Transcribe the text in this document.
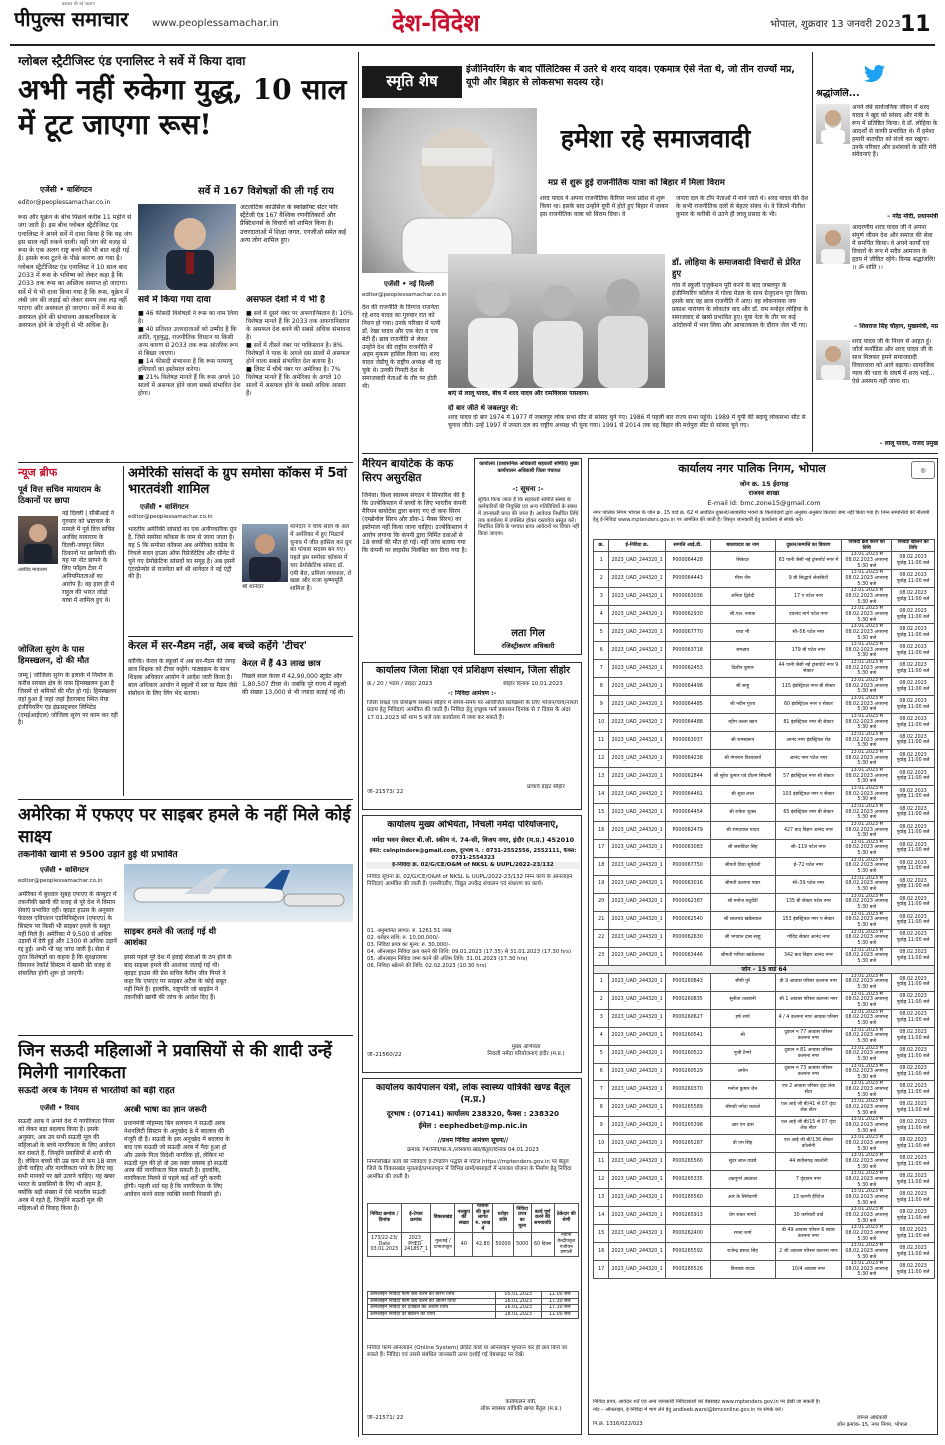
बदलाव की नई पहचान
पीपुल्स समाचार	www.peoplessamachar.in	देश-विदेश	भोपाल, शुक्रवार 13 जनवरी 2023 11
ग्लोबल स्ट्रैटीजिस्ट एंड एनालिस्ट ने सर्वे में किया दावा
अभी नहीं रुकेगा युद्ध, 10 साल में टूट जाएगा रूस!
एजेंसी • वाशिंगटन
editor@peoplessamachar.co.in
सर्वे में 167 विशेषज्ञों की ली गई राय
रूस और यूक्रेन के बीच पिछले करीब 11 महीने से जंग जारी है। इस बीच ग्लोबल स्ट्रैटीजिस्ट एंड एनालिस्ट ने अपने सर्वे में दावा किया है कि यह जंग इस साल नहीं रुकने वाली। वहीं जंग की वजह से रूस के एक अलग राष्ट्र बनने की भी बात कही गई है। इसके रूस टूटने के पीछे कारण आ गया है। ग्लोबल स्ट्रैटीजिस्ट एंड एनालिस्ट ने 10 साल बाद 2033 में रूस के भविष्य को लेकर कहा है कि 2033 तक रूस का अस्तित्व समाप्त हो जाएगा। सर्वे में ये भी दावा किया गया है कि रूस, यूक्रेन में लंबी जंग की लड़ाई को लेकर समय तक लड़ नहीं पाएगा और असफल हो जाएगा। सर्वे में रूस के असफल होने की संभावना आकलनिकाल के असफल होने के दोनूनी से भी अधिक है।
अटलांटिक काउंसिल के स्कोक्रॉफ्ट सेंटर फॉर स्ट्रैटेजी एंड 167 वैश्विक रणनीतिकारों और प्रैक्टिशनर्स के विचारों को शामिल किया है। उत्तरदाताओं में शिक्षा जगत, एनजीओ समेत कई अन्य लोग शामिल हुए।
सर्वे में किया गया दावा
■ 46 फीसदी विशेषज्ञों ने रूस का नाम लिया है।
■ 40 प्रतिशत उत्तरदाताओं को उम्मीद है कि क्रांति, गृहयुद्ध, राजनीतिक विघटन या किसी अन्य कारण से 2033 तक रूस आंतरिक रूप से बिखर जाएगा।
■ 14 फीसदी संभावना है कि रूस परमाणु हथियारों का इस्तेमाल करेगा।
■ 21% विशेषज्ञ मानते हैं कि रूस अगले 10 सालों में असफल होने वाला सबसे संभावित देश होगा।
असफल देशों में ये भी हैं
■ सर्वे में दूसरे नंबर पर अफगानिस्तान है। 10% विशेषज्ञ मानते हैं कि 2033 तक अफगानिस्तान के असफल देश बनने की सबसे अधिक संभावना है।
■ सर्वे में तीसरे नंबर पर पाकिस्तान है। 8% विशेषज्ञों ने पाक के अगले दस सालों में असफल होने वाला सबसे संभावित देश बताया है।
■ लिस्ट में चौथे नंबर पर अमेरिका है। 7% विशेषज्ञ मानते हैं कि अमेरिका के अगले 10 सालों में असफल होने के सबसे अधिक आसार हैं।
न्यूज ब्रीफ
पूर्व वित्त सचिव मायाराम के ठिकानों पर छापा
नई दिल्ली | सीबीआई ने गुरुवार को भ्रष्टाचार के मामले में पूर्व वित्त सचिव अरविंद मायाराम के दिल्ली-जयपुर स्थित ठिकानों पर छापेमारी की। यह पर नोट छापने के लिए फॉइल टेंडर में अनियमितताओं का आरोप है। वह हाल ही में राहुल की भारत जोड़ो यात्रा में शामिल हुए थे।
अरविंद मायाराम
जोजिला सुरंग के पास हिमस्खलन, दो की मौत
जम्मू | जोजिला सुरंग के इलाके में निर्माण के करीब सरबल क्षेत्र के पास हिमस्खलन हुआ है जिसमें दो श्रमिकों की मौत हो गई। हिमस्खलन वहां हुआ है जहां जहां हैदराबाद स्थित मेघा इंजीनियरिंग एंड इंफ्रास्ट्रक्चर लिमिटेड (एमईआईएल) जोजिला सुरंग पर काम कर रही है।
अमेरिकी सांसदों के ग्रुप समोसा कॉकस में 5वां भारतवंशी शामिल
एजेंसी • वाशिंगटन
editor@peoplessamachar.co.in
भारतीय अमेरिकी सांसदों का एक अनौपचारिक ग्रुप है, जिसे समोसा कॉकस के नाम से जाना जाता है। यह 5 कि समोसा कॉकस अब अमेरिका कांग्रेस के निचले सदन हाउस ऑफ रिप्रेजेंटेटिव और सीनेट में चुने गए डेमोक्रेटिक सांसदों का समूह है। अब इसमें एंटरप्रेन्योर से राजनेता बने श्री थानेदार ने नई एंट्री की है।
श्री थानेदार
थानेदार ने चौथे साल के अंत में अमेरिका में हुए मिडटर्म चुनाव में जीत हासिल कर ग्रुप का पांचवां सदस्य बन गए। पहले इस समोसा कॉकस में चार डेमोक्रेटिक सांसद डॉ. एमी बेरा, प्रमिला जयपाल, रो खन्ना और राजा कृष्णमूर्ति शामिल हैं।
केरल में सर-मैडम नहीं, अब बच्चे कहेंगे 'टीचर'
कोच्चि। केरल के स्कूलों में अब सर-मैडम की जगह छात्र शिक्षक को टीचर कहेंगे। पाठ्यक्रम के साथ शिक्षक अधिकार आयोग ने आदेश जारी किया है। बाल अधिकार आयोग ने स्कूलों में सर या मैडम जैसे संबोधन के लिए लिंग भेद बताया।
केरल में हैं 43 लाख छात्र
पिछले साल केरल में 42,90,000 स्टूडेंट और 1,80,507 टीचर थे। जबकि पूरे राज्य में स्कूलों की संख्या 13,000 से भी ज्यादा बताई गई थी।
अमेरिका में एफएए पर साइबर हमले के नहीं मिले कोई साक्ष्य
तकनीकी खामी से 9500 उड़ानें हुई थीं प्रभावित
एजेंसी • वाशिंगटन
editor@peoplessamachar.co.in
अमेरिका में बुधवार सुबह एफएए के कंप्यूटर में तकनीकी खामी की वजह से पूरे देश में विमान सेवाएं प्रभावित रहीं। व्हाइट हाउस के अनुसार फेडरल एविएशन एडमिनिस्ट्रेशन (एफएए) के सिस्टम पर किसी भी साइबर हमले के सबूत नहीं मिले हैं। अमेरिका में 9,500 से अधिक उड़ानों में देरी हुई और 1300 से अधिक उड़ानें रद्द हुईं। अभी भी यह जांच जारी है। सेवा में तुरंत विशेषज्ञों का कहना है कि सुरक्षात्मक विमानन रेकॉर्ड सिस्टम में खामी की वजह से संचालित होगी शुरू हो जाएगी।
साइबर हमले की जताई गई थी आशंका
इससे पहले पूरे देश में हवाई सेवाओं के ठप होने के बाद साइबर हमले की आशंका जताई गई थी। व्हाइट हाउस की प्रेस सचिव कैरीन जीन पियरे ने कहा कि एफएए पर साइबर अटैक के कोई सबूत नहीं मिले हैं। हालांकि, राष्ट्रपति जो बाइडेन ने तकनीकी खामी की जांच के आदेश दिए हैं।
जिन सऊदी महिलाओं ने प्रवासियों से की शादी उन्हें मिलेगी नागरिकता
सऊदी अरब के नियम से भारतीयों को बड़ी राहत
एजेंसी • रियाद
सऊदी अरब ने अपने देश में नागरिकता नियम को लेकर बड़ा बदलाव किया है। इसके अनुसार, अब उन सभी सऊदी मूल की महिलाओं के बच्चे नागरिकता के लिए आवेदन कर सकते हैं, जिन्होंने प्रवासियों से शादी की है। लेकिन बच्चों की उम्र कम से कम 18 साल होनी चाहिए और नागरिकता पाने के लिए वह सभी मानकों पर खरे उतरने चाहिए। यह खबर भारत के प्रवासियों के लिए भी अहम है, क्योंकि बड़ी संख्या में ऐसे भारतीय सऊदी अरब में रहते हैं, जिन्होंने सऊदी मूल की महिलाओं से विवाह किया है।
अरबी भाषा का ज्ञान जरूरी
प्रधानमंत्री मोहम्मद बिन सलमान ने सऊदी अरब नेशनलिटी सिस्टम के अनुच्छेद 8 में बदलाव की मंजूरी दी है। सऊदी के इस अनुच्छेद में बदलाव के बाद एक सऊदी जो सऊदी अरब में पैदा हुआ हो और उसके पिता विदेशी नागरिक हों, लेकिन मां सऊदी मूल की हो वो उस वक्त वयस्क हो सऊदी अरब की नागरिकता मिल सकती है। हालांकि, नागरिकता मिलने से पहले कई शर्तें पूरी करनी होंगी। पहली शर्त यह है कि नागरिकता के लिए आवेदन करने वाला व्यक्ति स्थायी निवासी हो।
स्मृति शेष
इंजीनियरिंग के बाद पॉलिटिक्स में उतरे थे शरद यादव। एकमात्र ऐसे नेता थे, जो तीन राज्यों मप्र, यूपी और बिहार से लोकसभा सदस्य रहे।
हमेशा रहे समाजवादी
मप्र से शुरू हुई राजनीतिक यात्रा को बिहार में मिला विराम
शरद यादव ने अपना राजनीतिक कैरियर मध्य प्रदेश से शुरू किया था। इसके बाद उन्होंने यूपी में होते हुए बिहार में जाकर इस राजनीतिक यात्रा को विराम दिया। वे
जनता दल के टॉप नेताओं में माने जाते थे। शरद यादव की देश के सभी राजनीतिक दलों से बेहतर संबंध थे। वे जितने नीतीश कुमार के करीबी थे उतने ही लालू प्रसाद के भी।
एजेंसी • नई दिल्ली
editor@peoplessamachar.co.in
देश की राजनीति के दिग्गज राजनेता रहे शरद यादव का गुरुवार रात को निधन हो गया। उनके परिवार में पत्नी डॉ. रेखा यादव और एक बेटा व एक बेटी हैं। छात्र राजनीति से लेकर उन्होंने देश की राष्ट्रीय राजनीति में अहम मुकाम हासिल किया था। शरद यादव जेडीयू के राष्ट्रीय अध्यक्ष भी रह चुके थे। उनकी गिनती देश के समाजवादी नेताओं के तौर पर होती थी।
बाएं से लालू यादव, बीच में शरद यादव और रामविलास पासवान।
डॉ. लोहिया के समाजवादी विचारों से प्रेरित हुए
गांव में स्कूली एजुकेशन पूरी करने के बाद जबलपुर के इंजीनियरिंग कॉलेज में गोल्ड मेडल के साथ ग्रेजुएशन पूरा किया। इसके बाद वह छात्र राजनीति में आए। वह लोकनायक जय प्रकाश नारायण के लोकतंत्र वाद और डॉ. राम मनोहर लोहिया के समाजवाद से खासे प्रभावित हुए। युवा नेता के तौर पर कई आंदोलनों में भाग लिया और आपातकाल के दौरान जेल भी गए।
दो बार जीते थे जबलपुर से:
शरद यादव दो बार 1974 में 1977 में जबलपुर लोक सभा सीट से सांसद चुने गए। 1986 में पहली बार राज्य सभा पहुंचे। 1989 में यूपी की बदायूं लोकसभा सीट से चुनाव जीते। उन्हें 1997 में जनता दल का राष्ट्रीय अध्यक्ष भी चुना गया। 1991 से 2014 तक वह बिहार की मधेपुरा सीट से सांसद चुने गए।
श्रद्धांजलि...
अपने लंबे सार्वजनिक जीवन में शरद यादव ने खुद को सांसद और मंत्री के रूप में प्रतिष्ठित किया। वे डॉ. लोहिया के आदर्शों से काफी प्रभावित थे। मैं हमेशा हमारी बातचीत को संजो कर रखूंगा। उनके परिवार और प्रशंसकों के प्रति मेरी संवेदनाएं हैं।
– नरेंद्र मोदी, प्रधानमंत्री
आदरणीय शरद यादव जी ने अपना संपूर्ण जीवन देश और समाज की सेवा में समर्पित किया। वे अपने कार्यों एवं विचारों के रूप में सदैव आमजन के हृदय में जीवित रहेंगे। विनम्र श्रद्धांजलि! ।। ॐ शांति ।।
– शिवराज सिंह चौहान, मुख्यमंत्री, मप्र
शरद यादव जी के निधन से आहत हूं। जॉर्ज फर्नांडिस और शरद यादव जी के साथ मिलकर हमने समाजवादी विचारधारा को आगे बढ़ाया। सामाजिक न्याय की धारा के संघर्ष में शरद भाई... ऐसे असमय नहीं जाना था।
– लालू यादव, राजद प्रमुख
मैरियन बायोटेक के कफ सिरप असुरक्षित
जिनेवा। विश्व स्वास्थ्य संगठन ने सिफारिश की है कि उज्बेकिस्तान में बच्चों के लिए भारतीय कंपनी मैरियन बायोटेक द्वारा बनाए गए दो कफ सिरप (एम्ब्रोनोल सिरप और डॉक-1 मैक्स सिरप) का इस्तेमाल नहीं किया जाना चाहिए। उज्बेकिस्तान ने आरोप लगाया कि कंपनी द्वारा निर्मित दवाओं से 18 बच्चों की मौत हो गई। नहीं जांच बताया गया कि कंपनी पर लाइसेंस निलंबित कर दिया गया है।
कार्यालय (प्रशासनिक अधिकारी सहकारी समिति) मुख्य कार्यपालन अधिकारी जिला पंचायत
-: सूचना :-
सूचित किया जाता है कि सहकारी समिति संस्था के कर्मचारियों की नियुक्ति एवं अन्य गतिविधियों के संबंध में जानकारी प्राप्त की जाना है। आवेदक निर्धारित तिथि तक कार्यालय में उपस्थित होकर दस्तावेज प्रस्तुत करें। निर्धारित तिथि के पश्चात प्राप्त आवेदनों पर विचार नहीं किया जाएगा।
लता गिल
रजिस्ट्रीकरण अधिकारी
कार्यालय जिला शिक्षा एवं प्रशिक्षण संस्थान, जिला सीहोर
क्र./ 20 / भंडार / डाइट/ 2023	सीहोर दिनांक 10.01.2023
-: निविदा आमंत्रण :-
जिला शिक्षा एवं प्रशिक्षण संस्थान सीहोर में समय-समय पर आयोजित कार्यक्रमों के लिए भोजन/चाय/नाश्ता प्रदाय हेतु निविदाएं आमंत्रित की जाती हैं। निविदा हेतु इच्छुक फर्म प्रकाशन दिनांक से 7 दिवस के अंदर 17.01.2023 को शाम 5 बजे तक कार्यालय में जमा कर सकते हैं।
जी–21573/ 22
प्राचार्य डाइट सीहोर
कार्यालय मुख्य अभियंता, निचली नर्मदा परियोजनाएं,
नर्मदा भवन सेक्टर बी.जी. स्कीम नं. 74-सी, विजय नगर, इंदौर (म.प्र.) 452010
ईमेल: celnpindore@gmail.com, दूरभाष नं. : 0731-2552556, 2552111, फैक्स: 0731-2554323
ई-निविदा क्र. 02/G/CE/O&M of NKSL & UUPL/2022-23/132
निविदा सूचना क्र. 02/G/CE/O&M of NKSL & UUPL/2022-23/132 निम्न कार्य के ऑनलाइन निविदाएं आमंत्रित की जाती हैं। एससीएडीए, विद्युत उपकेंद्र संचालन एवं संधारण का कार्य।
01. अनुमानित लागत: रु. 1261.51 लाख
02. धरोहर राशि: रु. 10,00,000/-
03. निविदा प्रपत्र का मूल्य: रु. 30,000/-
04. ऑनलाइन निविदा क्रय करने की तिथि: 09.01.2023 (17.35) से 31.01.2023 (17.30 hrs)
05. ऑनलाइन निविदा जमा करने की अंतिम तिथि: 31.01.2023 (17.30 hrs)
06. निविदा खोलने की तिथि: 02.02.2023 (10.30 hrs)
जी–21560/22
मुख्य अभियंता
निचली नर्मदा परियोजनाएं इंदौर (म.प्र.)
कार्यालय कार्यपालन यंत्री, लोक स्वास्थ्य यांत्रिकी खण्ड बैतूल (म.प्र.)
दूरभाष : (07141) कार्यालय 238320, फैक्स : 238320
ईमेल : eephedbet@mp.nic.in
//प्रथम निविदा आमंत्रण सूचना//
क्रमांक 74/निवि/का.यं./लोस्वायां.खंड/बैतूल/दिनांक 04.01.2023
निम्नलिखित कार्य की निविदाएं ई-टेण्डरिंग पद्धति से पोर्टल https://mptenders.gov.in पर बैतूल जिले के विकासखंड मुलताई/प्रभातपट्टन में विभिन्न ग्रामों/बसाहटों में नलजल योजना के निर्माण हेतु निविदा आमंत्रित की जाती है।
निविदा क्रमांक /दिनांक	ई-टेण्डर क्रमांक	विकासखंड	नलकूप की संख्या	योजना की कुल लागत रु. लाख में	धरोहर राशि	निविदा प्रपत्र का मूल्य	कार्य पूर्ण करने की समयावधि	ठेकेदार की श्रेणी
173/22-23/ Date 03.01.2023	2023_ PHED_ 241857_1	मुलताई / प्रभातपट्टन	40	42.80	50000	5000	60 दिवस	नवीनी केन्द्रीयकृत पंजीयन प्रणाली
ऑनलाइन निविदा फार्म क्रय करने की प्रारंभ तिथि	05.01.2023	11.00 बजे
ऑनलाइन निविदा फार्म क्रय करने की अंतिम तिथि	16.01.2023	17.30 बजे
ऑनलाइन निविदा दर दाखिले की अंतिम तिथि	16.01.2023	17.30 बजे
ऑनलाइन निविदा दर खोलने की तिथि	18.01.2023	11.00 बजे
निविदा फार्म ऑनलाइन (Online System) क्रेडिट कार्ड या ऑनलाइन भुगतान कर ही क्रय किये जा सकते हैं। निविदा एवं उससे संबंधित जानकारी ऊपर दर्शाई गई वेबसाइट पर देखें।
जी–21571/ 22
कार्यपालन यंत्री,
लोक स्वास्थ्य यांत्रिकी खण्ड बैतूल (म.प्र.)
कार्यालय नगर पालिक निगम, भोपाल	◎
जोन क्र. 15 ईदगाह
राजस्व शाखा
E-mail Id: bmc.zone15@gmail.com
नगर पालिक निगम भोपाल के जोन क्र. 15 वार्ड क्र. 62 में आवंटित दुकानों/आवासीय भवनों के किरायेदारों द्वारा अनुबंध अनुसार किराया जमा नहीं किया गया है। निम्न सम्पत्तियों की नीलामी हेतु ई-निविदा www.mptenders.gov.in पर आमंत्रित की जाती है। विस्तृत जानकारी हेतु कार्यालय से संपर्क करें।
क्र.	ई-निविदा क्र.	सम्पत्ति आई.डी.	बकायादार का नाम	दुकान/सम्पत्ति का विवरण	निविदा क्रय करने की तिथि	निविदा खोलने की तिथि
1	2023_UAD_244320_1	P000064428	सिकंदर	63 पानी जैसी नई ट्रांसपोर्ट नगर में	13.01.2023 से 08.02.2023 अपरान्ह 5:30 बजे	08.02.2023 पूर्वाह्न 11:00 बजे
2	2023_UAD_244320_1	P000064443	मीना जैन	9 बी सिद्धार्थ लेकसिटी	13.01.2023 से 08.02.2023 अपरान्ह 5:30 बजे	08.02.2023 पूर्वाह्न 11:00 बजे
3	2023_UAD_244320_1	P000063036	अनिता द्विवेदी	17 ए पटेल नगर	13.01.2023 से 08.02.2023 अपरान्ह 5:30 बजे	08.02.2023 पूर्वाह्न 11:00 बजे
4	2023_UAD_244320_1	P000062930	सी.एल. नायक	दयानंद मार्ग पटेल नगर	13.01.2023 से 08.02.2023 अपरान्ह 5:30 बजे	08.02.2023 पूर्वाह्न 11:00 बजे
5	2023_UAD_244320_1	P000067770	राधा भी	सी–56 पटेल नगर	13.01.2023 से 08.02.2023 अपरान्ह 5:30 बजे	08.02.2023 पूर्वाह्न 11:00 बजे
6	2023_UAD_244320_1	P000063718	जगन्नाथ	179 बी पटेल नगर	13.01.2023 से 08.02.2023 अपरान्ह 5:30 बजे	08.02.2023 पूर्वाह्न 11:00 बजे
7	2023_UAD_244320_1	P000062453	दिलीप कुमार	44 पानी जैसी नई ट्रांसपोर्ट नगर 9 सेक्टर	13.01.2023 से 08.02.2023 अपरान्ह 5:30 बजे	08.02.2023 पूर्वाह्न 11:00 बजे
8	2023_UAD_244320_1	P000064498	श्री साहू	115 इंडस्ट्रियल नगर बी सेक्टर	13.01.2023 से 08.02.2023 अपरान्ह 5:30 बजे	08.02.2023 पूर्वाह्न 11:00 बजे
9	2023_UAD_244320_1	P000064485	श्री नवीन गुप्ता	60 इंडस्ट्रियल नगर ए सेक्टर	13.01.2023 से 08.02.2023 अपरान्ह 5:30 बजे	08.02.2023 पूर्वाह्न 11:00 बजे
10	2023_UAD_244320_1	P000064488	रहीम उल्ला खान	81 इंडस्ट्रियल नगर बी सेक्टर	13.01.2023 से 08.02.2023 अपरान्ह 5:30 बजे	08.02.2023 पूर्वाह्न 11:00 बजे
11	2023_UAD_244320_1	P000063037	श्री रामस्वरूप	आनंद नगर इंडस्ट्रियल रोड	13.01.2023 से 08.02.2023 अपरान्ह 5:30 बजे	08.02.2023 पूर्वाह्न 11:00 बजे
12	2023_UAD_244320_1	P000064238	श्री गंगाराम विश्वकर्मा	आनंद नगर पटेल नगर	13.01.2023 से 08.02.2023 अपरान्ह 5:30 बजे	08.02.2023 पूर्वाह्न 11:00 बजे
13	2023_UAD_244320_1	P000062844	श्री सुरेश कुमार एवं प्रीतम सिंघानी	57 इंडस्ट्रियल नगर सी सेक्टर	13.01.2023 से 08.02.2023 अपरान्ह 5:30 बजे	08.02.2023 पूर्वाह्न 11:00 बजे
14	2023_UAD_244320_1	P000064461	श्री सुधा लाल	103 इंडस्ट्रियल नगर ए सेक्टर	13.01.2023 से 08.02.2023 अपरान्ह 5:30 बजे	08.02.2023 पूर्वाह्न 11:00 बजे
15	2023_UAD_244320_1	P000064454	श्री राकेश शुक्ल	65 इंडस्ट्रियल नगर बी सेक्टर	13.01.2023 से 08.02.2023 अपरान्ह 5:30 बजे	08.02.2023 पूर्वाह्न 11:00 बजे
16	2023_UAD_244320_1	P000062479	श्री रामदयाल यादव	427 बाद बिहार आनंद नगर	13.01.2023 से 08.02.2023 अपरान्ह 5:30 बजे	08.02.2023 पूर्वाह्न 11:00 बजे
17	2023_UAD_244320_1	P000063083	श्री जसविंदर सिंह	सी–119 पटेल नगर	13.01.2023 से 08.02.2023 अपरान्ह 5:30 बजे	08.02.2023 पूर्वाह्न 11:00 बजे
18	2023_UAD_244320_1	P000067750	श्रीमती प्रिया सूर्यवंशी	ई–72 पटेल नगर	13.01.2023 से 08.02.2023 अपरान्ह 5:30 बजे	08.02.2023 पूर्वाह्न 11:00 बजे
19	2023_UAD_244320_1	P000063016	श्रीमती कल्पना पवार	सी–39 पटेल नगर	13.01.2023 से 08.02.2023 अपरान्ह 5:30 बजे	08.02.2023 पूर्वाह्न 11:00 बजे
20	2023_UAD_244320_1	P000062387	श्री मनोज चतुर्वेदी	135 बी सेक्टर पटेल नगर	13.01.2023 से 08.02.2023 अपरान्ह 5:30 बजे	08.02.2023 पूर्वाह्न 11:00 बजे
21	2023_UAD_244320_1	P000062540	श्री लालचंद खंडेलवाल	153 इंडस्ट्रियल नगर ए सेक्टर	13.01.2023 से 08.02.2023 अपरान्ह 5:30 बजे	08.02.2023 पूर्वाह्न 11:00 बजे
22	2023_UAD_244320_1	P000062630	श्री भगवान दास साहू	गोविंद सेक्टर आनंद नगर	13.01.2023 से 08.02.2023 अपरान्ह 5:30 बजे	08.02.2023 पूर्वाह्न 11:00 बजे
23	2023_UAD_244320_1	P000063446	श्रीमती मनिता खांडेलवाल	342 बाद बिहार आनंद नगर	13.01.2023 से 08.02.2023 अपरान्ह 5:30 बजे	08.02.2023 पूर्वाह्न 11:00 बजे
जोन – 15 वार्ड 64						
1	2023_UAD_244320_1	P000260843	सीमी पुरे	डी 9 आवास परिसर कल्पना नगर	13.01.2023 से 08.02.2023 अपरान्ह 5:30 बजे	08.02.2023 पूर्वाह्न 11:00 बजे
2	2023_UAD_244320_1	P000260835	सुनीता तलवानी	सी 1 आवास परिसर कल्पना नगर	13.01.2023 से 08.02.2023 अपरान्ह 5:30 बजे	08.02.2023 पूर्वाह्न 11:00 बजे
3	2023_UAD_244320_1	P000260627	हर्ष शर्मा	4 / 4 कल्पना नगर आवास परिसर	13.01.2023 से 08.02.2023 अपरान्ह 5:30 बजे	08.02.2023 पूर्वाह्न 11:00 बजे
4	2023_UAD_244320_1	P000260541	श्री	दुकान न 77 आवास परिसर कल्पना नगर	13.01.2023 से 08.02.2023 अपरान्ह 5:30 बजे	08.02.2023 पूर्वाह्न 11:00 बजे
5	2023_UAD_244320_1	P000260522	पूजी टैग्गरे	दुकान न 81 आवास परिसर कल्पना नगर	13.01.2023 से 08.02.2023 अपरान्ह 5:30 बजे	08.02.2023 पूर्वाह्न 11:00 बजे
6	2023_UAD_244320_1	P000260529	अमीन	दुकान न 73 आवास परिसर कल्पना नगर	13.01.2023 से 08.02.2023 अपरान्ह 5:30 बजे	08.02.2023 पूर्वाह्न 11:00 बजे
7	2023_UAD_244320_1	P000260370	मनोज कुमार जैन	एच 2 आवास परिसर वृंदा लेक सेंटर	13.01.2023 से 08.02.2023 अपरान्ह 5:30 बजे	08.02.2023 पूर्वाह्न 11:00 बजे
8	2023_UAD_244320_1	P000265589	श्रीमती नर्मदा कावले	एल आई जी बी/41 से 07 वृंदा लेक सेंटर	13.01.2023 से 08.02.2023 अपरान्ह 5:30 बजे	08.02.2023 पूर्वाह्न 11:00 बजे
9	2023_UAD_244320_1	P000265398	आर एन दास	एल आई जी बी/15 से 07 वृंदा लेक सेंटर	13.01.2023 से 08.02.2023 अपरान्ह 5:30 बजे	08.02.2023 पूर्वाह्न 11:00 बजे
10	2023_UAD_244320_1	P000265287	डी एम सिंह	एल आई जी बी/136 सेक्टर कोलोनी	13.01.2023 से 08.02.2023 अपरान्ह 5:30 बजे	08.02.2023 पूर्वाह्न 11:00 बजे
11	2023_UAD_244320_1	P000265560	सुंदर लाल वाडवे	44 छतीसगढ़ कालोनी	13.01.2023 से 08.02.2023 अपरान्ह 5:30 बजे	08.02.2023 पूर्वाह्न 11:00 बजे
12	2023_UAD_244320_1	P000265335	अन्नपूर्णा अग्रवाल	7 वृंदावन नगर	13.01.2023 से 08.02.2023 अपरान्ह 5:30 बजे	08.02.2023 पूर्वाह्न 11:00 बजे
13	2023_UAD_244320_1	P000265560	आर के सिर्नवाणी	13 करणी हैरिटेज	13.01.2023 से 08.02.2023 अपरान्ह 5:30 बजे	08.02.2023 पूर्वाह्न 11:00 बजे
14	2023_UAD_244320_1	P000265913	प्रेम शंकर नागवे	30 कर्मचारी वार्ड	13.01.2023 से 08.02.2023 अपरान्ह 5:30 बजे	08.02.2023 पूर्वाह्न 11:00 बजे
15	2023_UAD_244320_1	P000262400	रचना शर्मा	बी 49 आवास परिसर 6 सावर कल्पना नगर	13.01.2023 से 08.02.2023 अपरान्ह 5:30 बजे	08.02.2023 पूर्वाह्न 11:00 बजे
16	2023_UAD_244320_1	P000265592	राजेन्द्र प्रसाद सिंह	2 जी आवास परिसर कल्पना नगर	13.01.2023 से 08.02.2023 अपरान्ह 5:30 बजे	08.02.2023 पूर्वाह्न 11:00 बजे
17	2023_UAD_244320_1	P000265526	विनयक यादव	10/4 आवास नगर	13.01.2023 से 08.02.2023 अपरान्ह 5:30 बजे	08.02.2023 पूर्वाह्न 11:00 बजे
निविदा प्रपत्र, आवेदन शर्तें एवं अन्य जानकारी निविदाकारों को वेबसाइट www.mptenders.gov.in पर देखी जा सकती है।
नोट – ऑनलाइन, ई-निविदा में भाग लेने हेतु andleeb.warsi@bmconline.gov.in पर संपर्क करें।
नि.क्र. 1316/022/023
जोनल अधिकारी
जोन क्रमांक–15, नगर निगम, भोपाल
